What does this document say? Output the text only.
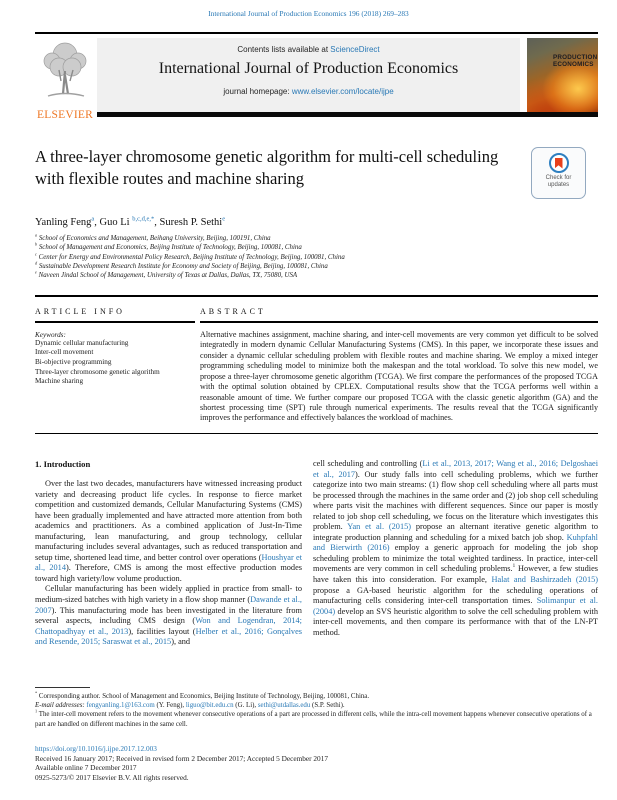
International Journal of Production Economics 196 (2018) 269–283
ELSEVIER
Contents lists available at ScienceDirect
International Journal of Production Economics
journal homepage: www.elsevier.com/locate/ijpe
PRODUCTION
ECONOMICS
A three-layer chromosome genetic algorithm for multi-cell scheduling with flexible routes and machine sharing	Check for updates
Yanling Feng$^a$, Guo Li $^{b,c,d,e,*}$, Suresh P. Sethi$^e$
$^a$ School of Economics and Management, Beihang University, Beijing, 100191, China
$^b$ School of Management and Economics, Beijing Institute of Technology, Beijing, 100081, China
$^c$ Center for Energy and Environmental Policy Research, Beijing Institute of Technology, Beijing, 100081, China
$^d$ Sustainable Development Research Institute for Economy and Society of Beijing, Beijing, 100081, China
$^e$ Naveen Jindal School of Management, University of Texas at Dallas, Dallas, TX, 75080, USA
ARTICLE INFO
Keywords:
Dynamic cellular manufacturing
Inter-cell movement
Bi-objective programming
Three-layer chromosome genetic algorithm
Machine sharing
ABSTRACT
Alternative machines assignment, machine sharing, and inter-cell movements are very common yet difficult to be solved integratedly in modern dynamic Cellular Manufacturing Systems (CMS). In this paper, we incorporate these issues and consider a dynamic cellular scheduling problem with flexible routes and machine sharing. We employ a mixed integer programming scheduling model to minimize both the makespan and the total workload. To solve this new model, we propose a three-layer chromosome genetic algorithm (TCGA). We first compare the performances of the proposed TCGA with the optimal solution obtained by CPLEX. Computational results show that the TCGA performs well within a reasonable amount of time. We further compare our proposed TCGA with the classic genetic algorithm (GA) and the shortest processing time (SPT) rule through numerical experiments. The results reveal that the TCGA significantly improves the performance and effectively balances the workload of machines.
1. Introduction
Over the last two decades, manufacturers have witnessed increasing product variety and decreasing product life cycles. In response to fierce market competition and customized demands, Cellular Manufacturing Systems (CMS) have been gradually implemented and have attracted more attention from both academics and practitioners. As a combined application of Just-In-Time manufacturing, lean manufacturing, and group technology, cellular manufacturing includes several advantages, such as reduced transportation and setup time, shortened lead time, and better control over operations (Houshyar et al., 2014). Therefore, CMS is among the most effective production modes toward high variety/low volume production.
Cellular manufacturing has been widely applied in practice from small- to medium-sized batches with high variety in a flow shop manner (Dawande et al., 2007). This manufacturing mode has been investigated in the literature from several aspects, including CMS design (Won and Logendran, 2014; Chattopadhyay et al., 2013), facilities layout (Helber et al., 2016; Gonçalves and Resende, 2015; Saraswat et al., 2015), and
cell scheduling and controlling (Li et al., 2013, 2017; Wang et al., 2016; Delgoshaei et al., 2017). Our study falls into cell scheduling problems, which we further categorize into two main streams: (1) flow shop cell scheduling where all parts must be processed through the machines in the same order and (2) job shop cell scheduling where parts visit the machines with different sequences. Since our paper is mostly related to job shop cell scheduling, we focus on the literature which investigates this problem. Yan et al. (2015) propose an alternant iterative genetic algorithm to integrate production planning and scheduling for a mixed batch job shop. Kuhpfahl and Bierwirth (2016) employ a generic approach for modeling the job shop scheduling problem to minimize the total weighted tardiness. In practice, inter-cell movements are very common in cell scheduling problems.$^1$ However, a few studies have taken this into consideration. For example, Halat and Bashirzadeh (2015) propose a GA-based heuristic algorithm for the scheduling operations of manufacturing cells considering inter-cell transportation times. Solimanpur et al. (2004) develop an SVS heuristic algorithm to solve the cell scheduling problem with inter-cell movements, and then compare its performance with that of the LN-PT method.
* Corresponding author. School of Management and Economics, Beijing Institute of Technology, Beijing, 100081, China.
E-mail addresses: fengyanling.1@163.com (Y. Feng), liguo@bit.edu.cn (G. Li), sethi@utdallas.edu (S.P. Sethi).
$^1$ The inter-cell movement refers to the movement whenever consecutive operations of a part are processed in different cells, while the intra-cell movement happens whenever consecutive operations of a part are handled on different machines in the same cell.
https://doi.org/10.1016/j.ijpe.2017.12.003
Received 16 January 2017; Received in revised form 2 December 2017; Accepted 5 December 2017
Available online 7 December 2017
0925-5273/© 2017 Elsevier B.V. All rights reserved.
